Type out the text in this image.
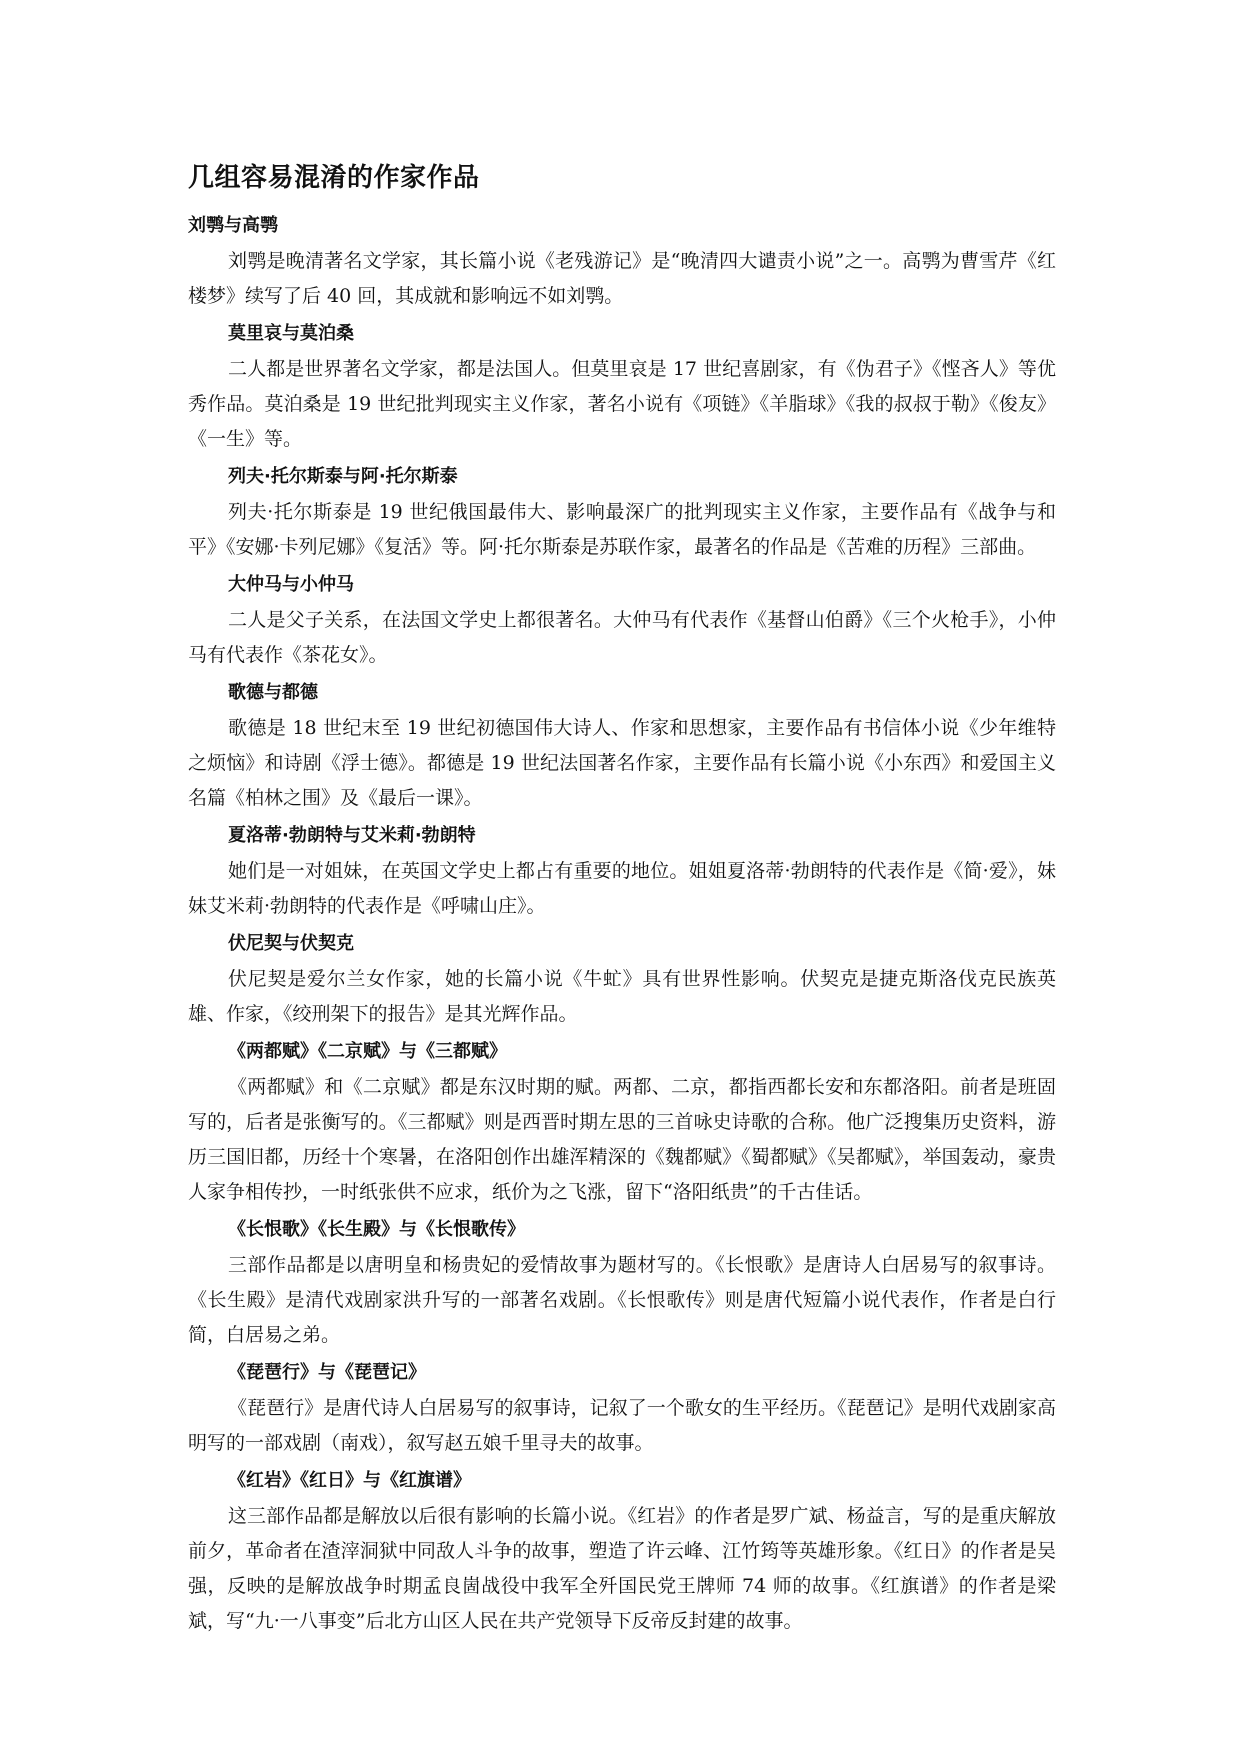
几组容易混淆的作家作品
刘鹗与高鹗

刘鹗是晚清著名文学家，其长篇小说《老残游记》是“晚清四大谴责小说”之一。高鹗为曹雪芹《红楼梦》续写了后 40 回，其成就和影响远不如刘鹗。

莫里哀与莫泊桑

二人都是世界著名文学家，都是法国人。但莫里哀是 17 世纪喜剧家，有《伪君子》《悭吝人》等优秀作品。莫泊桑是 19 世纪批判现实主义作家，著名小说有《项链》《羊脂球》《我的叔叔于勒》《俊友》《一生》等。

列夫·托尔斯泰与阿·托尔斯泰

列夫·托尔斯泰是 19 世纪俄国最伟大、影响最深广的批判现实主义作家，主要作品有《战争与和平》《安娜·卡列尼娜》《复活》等。阿·托尔斯泰是苏联作家，最著名的作品是《苦难的历程》三部曲。

大仲马与小仲马

二人是父子关系，在法国文学史上都很著名。大仲马有代表作《基督山伯爵》《三个火枪手》，小仲马有代表作《茶花女》。

歌德与都德

歌德是 18 世纪末至 19 世纪初德国伟大诗人、作家和思想家，主要作品有书信体小说《少年维特之烦恼》和诗剧《浮士德》。都德是 19 世纪法国著名作家，主要作品有长篇小说《小东西》和爱国主义名篇《柏林之围》及《最后一课》。

夏洛蒂·勃朗特与艾米莉·勃朗特

她们是一对姐妹，在英国文学史上都占有重要的地位。姐姐夏洛蒂·勃朗特的代表作是《简·爱》，妹妹艾米莉·勃朗特的代表作是《呼啸山庄》。

伏尼契与伏契克

伏尼契是爱尔兰女作家，她的长篇小说《牛虻》具有世界性影响。伏契克是捷克斯洛伐克民族英雄、作家，《绞刑架下的报告》是其光辉作品。

《两都赋》《二京赋》与《三都赋》

《两都赋》和《二京赋》都是东汉时期的赋。两都、二京，都指西都长安和东都洛阳。前者是班固写的，后者是张衡写的。《三都赋》则是西晋时期左思的三首咏史诗歌的合称。他广泛搜集历史资料，游历三国旧都，历经十个寒暑，在洛阳创作出雄浑精深的《魏都赋》《蜀都赋》《吴都赋》，举国轰动，豪贵人家争相传抄，一时纸张供不应求，纸价为之飞涨，留下“洛阳纸贵”的千古佳话。

《长恨歌》《长生殿》与《长恨歌传》

三部作品都是以唐明皇和杨贵妃的爱情故事为题材写的。《长恨歌》是唐诗人白居易写的叙事诗。《长生殿》是清代戏剧家洪升写的一部著名戏剧。《长恨歌传》则是唐代短篇小说代表作，作者是白行简，白居易之弟。

《琵琶行》与《琵琶记》

《琵琶行》是唐代诗人白居易写的叙事诗，记叙了一个歌女的生平经历。《琵琶记》是明代戏剧家高明写的一部戏剧（南戏），叙写赵五娘千里寻夫的故事。

《红岩》《红日》与《红旗谱》

这三部作品都是解放以后很有影响的长篇小说。《红岩》的作者是罗广斌、杨益言，写的是重庆解放前夕，革命者在渣滓洞狱中同敌人斗争的故事，塑造了许云峰、江竹筠等英雄形象。《红日》的作者是吴强，反映的是解放战争时期孟良崮战役中我军全歼国民党王牌师 74 师的故事。《红旗谱》的作者是梁斌，写“九·一八事变”后北方山区人民在共产党领导下反帝反封建的故事。
